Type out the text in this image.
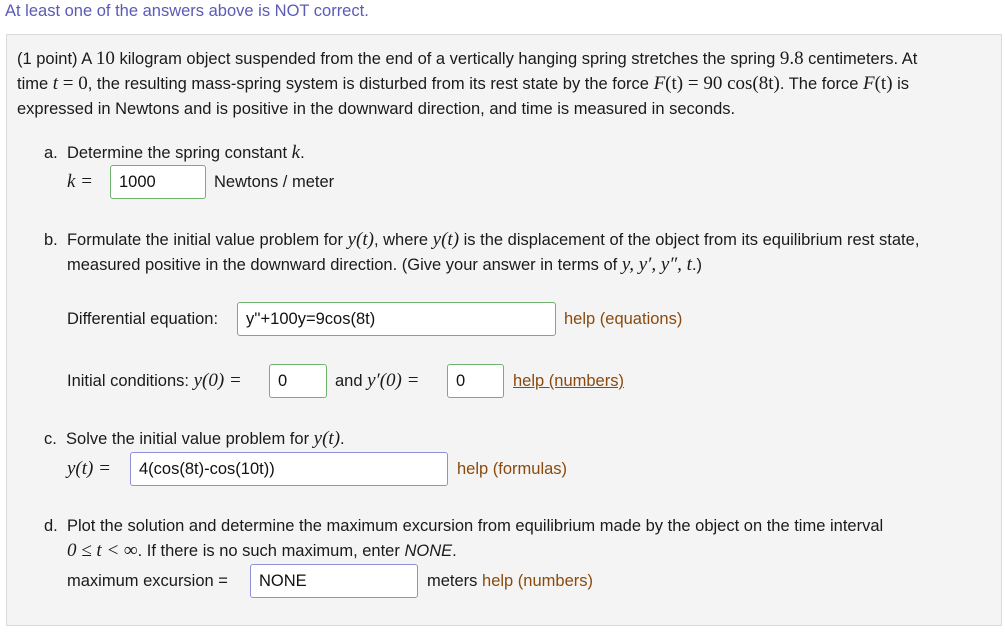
At least one of the answers above is NOT correct.
(1 point) A 10 kilogram object suspended from the end of a vertically hanging spring stretches the spring 9.8 centimeters. At
time t = 0, the resulting mass-spring system is disturbed from its rest state by the force F(t) = 90 cos(8t). The force F(t) is
expressed in Newtons and is positive in the downward direction, and time is measured in seconds.
a. Determine the spring constant k.
k =
1000	Newtons / meter
b. Formulate the initial value problem for y(t), where y(t) is the displacement of the object from its equilibrium rest state,
measured positive in the downward direction. (Give your answer in terms of y, y′, y″, t.)
Differential equation:
y''+100y=9cos(8t)	help (equations)
Initial conditions: y(0) =
0	and y′(0) =
0	help (numbers)
c. Solve the initial value problem for y(t).
y(t) =
4(cos(8t)-cos(10t))	help (formulas)
d. Plot the solution and determine the maximum excursion from equilibrium made by the object on the time interval
0 ≤ t < ∞. If there is no such maximum, enter NONE.
maximum excursion =
NONE	meters help (numbers)
